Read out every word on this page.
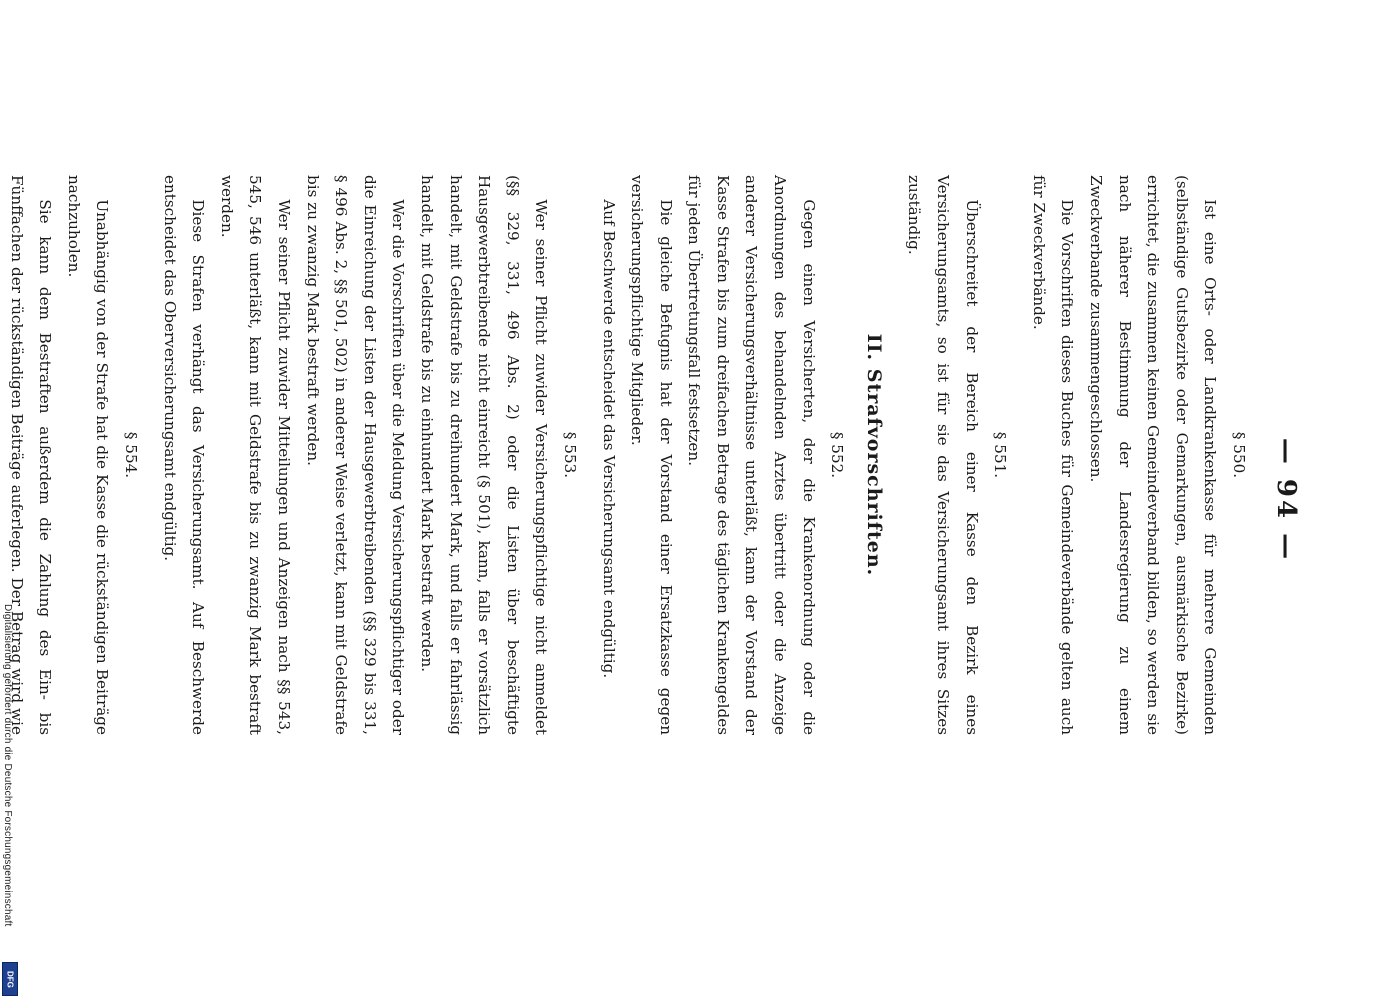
— 94 —

§ 550.

Ist eine Orts- oder Landkrankenkasse für mehrere Gemeinden (selbständige Gutsbezirke oder Gemarkungen, ausmärkische Bezirke) errichtet, die zusammen keinen Gemeindeverband bilden, so werden sie nach näherer Bestimmung der Landesregierung zu einem Zweckverbande zusammengeschlossen.

Die Vorschriften dieses Buches für Gemeindeverbände gelten auch für Zweckverbände.

§ 551.

Überschreitet der Bereich einer Kasse den Bezirk eines Versicherungsamts, so ist für sie das Versicherungsamt ihres Sitzes zuständig.

II. Strafvorschriften.

§ 552.

Gegen einen Versicherten, der die Krankenordnung oder die Anordnungen des behandelnden Arztes übertritt oder die Anzeige anderer Versicherungsverhältnisse unterläßt, kann der Vorstand der Kasse Strafen bis zum dreifachen Betrage des täglichen Krankengeldes für jeden Übertretungsfall festsetzen.

Die gleiche Befugnis hat der Vorstand einer Ersatzkasse gegen versicherungspflichtige Mitglieder.

Auf Beschwerde entscheidet das Versicherungsamt endgültig.

§ 553.

Wer seiner Pflicht zuwider Versicherungspflichtige nicht anmeldet (§§ 329, 331, 496 Abs. 2) oder die Listen über beschäftigte Hausgewerbtreibende nicht einreicht (§ 501), kann, falls er vorsätzlich handelt, mit Geldstrafe bis zu dreihundert Mark, und falls er fahrlässig handelt, mit Geldstrafe bis zu einhundert Mark bestraft werden.

Wer die Vorschriften über die Meldung Versicherungspflichtiger oder die Einreichung der Listen der Hausgewerbtreibenden (§§ 329 bis 331, § 496 Abs. 2, §§ 501, 502) in anderer Weise verletzt, kann mit Geldstrafe bis zu zwanzig Mark bestraft werden.

Wer seiner Pflicht zuwider Mitteilungen und Anzeigen nach §§ 543, 545, 546 unterläßt, kann mit Geldstrafe bis zu zwanzig Mark bestraft werden.

Diese Strafen verhängt das Versicherungsamt. Auf Beschwerde entscheidet das Oberversicherungsamt endgültig.

§ 554.

Unabhängig von der Strafe hat die Kasse die rückständigen Beiträge nachzuholen.

Sie kann dem Bestraften außerdem die Zahlung des Ein- bis Fünffachen der rückständigen Beiträge auferlegen. Der Betrag wird wie

Digitalisierung gefördert durch die Deutsche Forschungsgemeinschaft
DFG
